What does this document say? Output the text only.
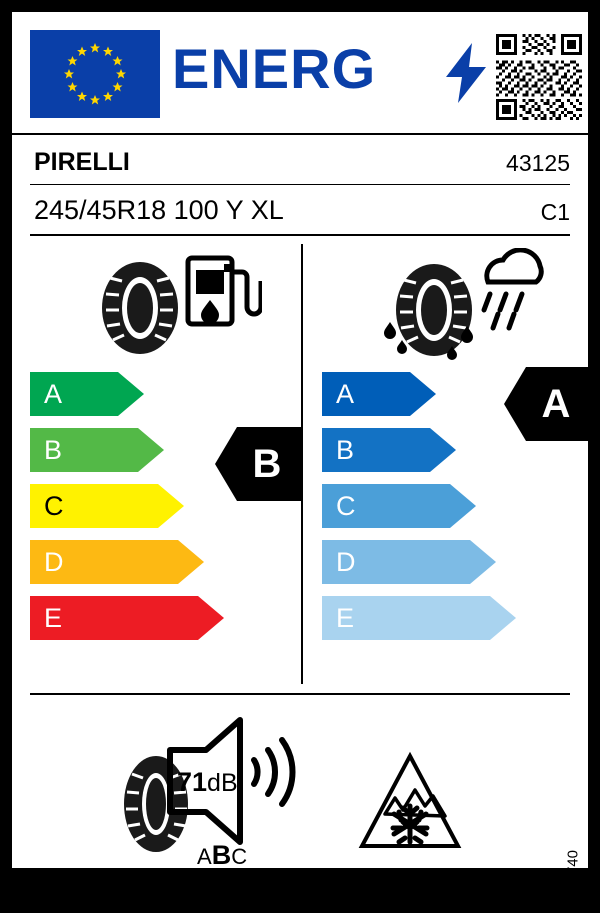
ENERG
PIRELLI	43125
245/45R18 100 Y XL	C1
A
B
C
D
E
A
B
C
D
E
B
A
71dB
ABC	2020/740
